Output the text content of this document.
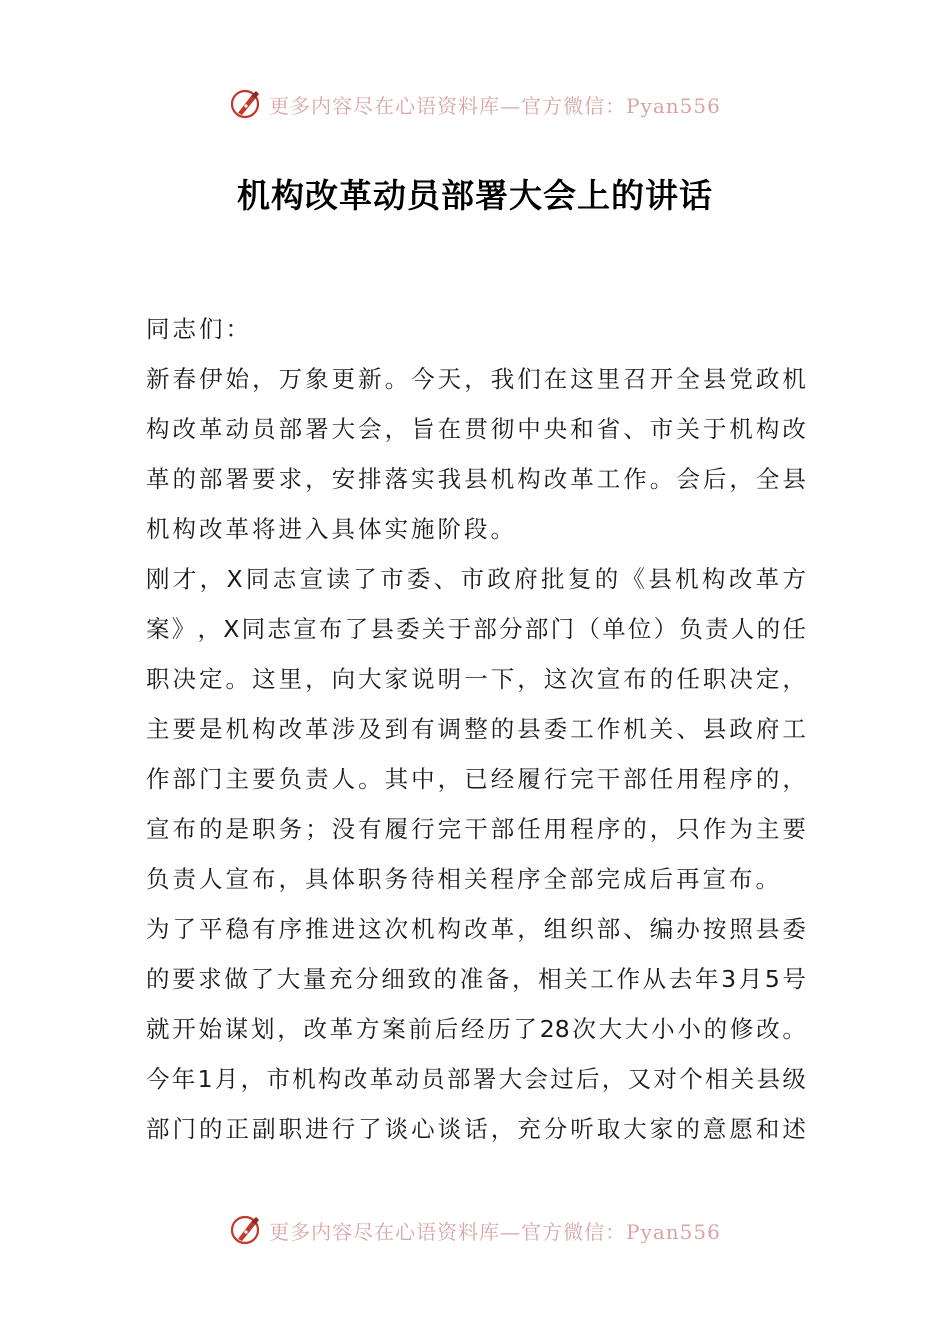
更多内容尽在心语资料库—官方微信：Pyan556
机构改革动员部署大会上的讲话
同志们：
新 春 伊 始 ， 万 象 更 新 。 今 天 ， 我 们 在 这 里 召 开 全 县 党 政 机
构 改 革 动 员 部 署 大 会 ， 旨 在 贯 彻 中 央 和 省 、 市 关 于 机 构 改
革 的 部 署 要 求 ， 安 排 落 实 我 县 机 构 改 革 工 作 。 会 后 ， 全 县
机构改革将进入具体实施阶段。
刚 才 ， X 同 志 宣 读 了 市 委 、 市 政 府 批 复 的 《 县 机 构 改 革 方
案 》 ， X 同 志 宣 布 了 县 委 关 于 部 分 部 门 （ 单 位 ） 负 责 人 的 任
职 决 定 。 这 里 ， 向 大 家 说 明 一 下 ， 这 次 宣 布 的 任 职 决 定 ，
主 要 是 机 构 改 革 涉 及 到 有 调 整 的 县 委 工 作 机 关 、 县 政 府 工
作 部 门 主 要 负 责 人 。 其 中 ， 已 经 履 行 完 干 部 任 用 程 序 的 ，
宣 布 的 是 职 务 ； 没 有 履 行 完 干 部 任 用 程 序 的 ， 只 作 为 主 要
负责人宣布，具体职务待相关程序全部完成后再宣布。
为 了 平 稳 有 序 推 进 这 次 机 构 改 革 ， 组 织 部 、 编 办 按 照 县 委
的 要 求 做 了 大 量 充 分 细 致 的 准 备 ， 相 关 工 作 从 去 年 3 月 5 号
就 开 始 谋 划 ， 改 革 方 案 前 后 经 历 了 28 次 大 大 小 小 的 修 改 。
今 年 1 月 ， 市 机 构 改 革 动 员 部 署 大 会 过 后 ， 又 对 个 相 关 县 级
部 门 的 正 副 职 进 行 了 谈 心 谈 话 ， 充 分 听 取 大 家 的 意 愿 和 述
更多内容尽在心语资料库—官方微信：Pyan556
